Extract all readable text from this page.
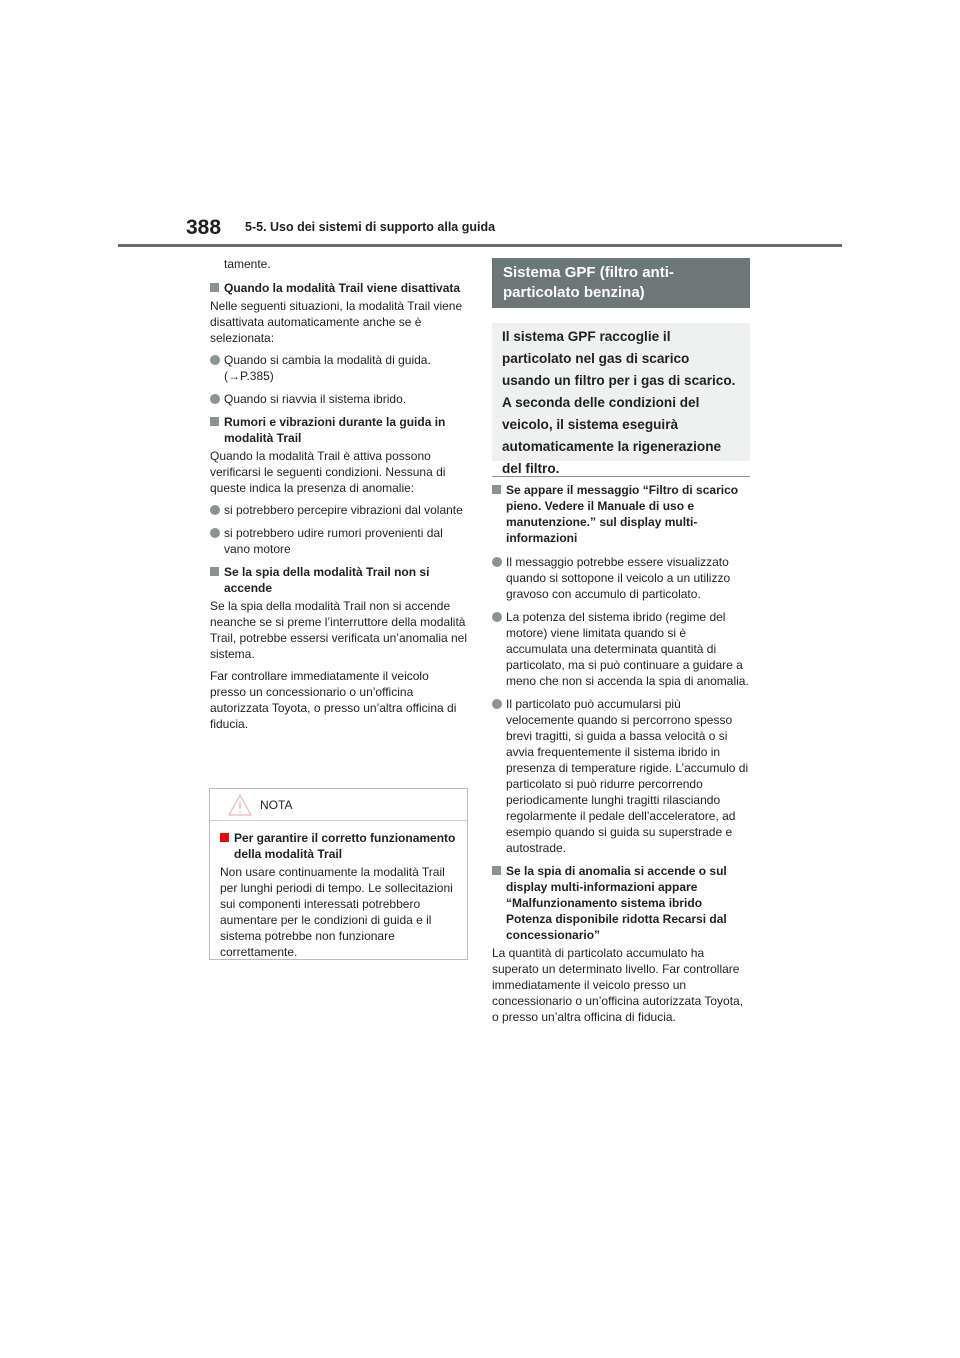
388 5-5. Uso dei sistemi di supporto alla guida

tamente.

Quando la modalità Trail viene disattivata

Nelle seguenti situazioni, la modalità Trail viene disattivata automaticamente anche se è selezionata:

Quando si cambia la modalità di guida. (→P.385)
Quando si riavvia il sistema ibrido.
Rumori e vibrazioni durante la guida in modalità Trail

Quando la modalità Trail è attiva possono verificarsi le seguenti condizioni. Nessuna di queste indica la presenza di anomalie:

si potrebbero percepire vibrazioni dal volante
si potrebbero udire rumori provenienti dal vano motore
Se la spia della modalità Trail non si accende

Se la spia della modalità Trail non si accende neanche se si preme l’interruttore della modalità Trail, potrebbe essersi verificata un’anomalia nel sistema.

Far controllare immediatamente il veicolo presso un concessionario o un’officina autorizzata Toyota, o presso un’altra officina di fiducia.

NOTA
Per garantire il corretto funzionamento della modalità Trail

Non usare continuamente la modalità Trail per lunghi periodi di tempo. Le sollecitazioni sui componenti interessati potrebbero aumentare per le condizioni di guida e il sistema potrebbe non funzionare correttamente.

Sistema GPF (filtro anti-particolato benzina)
Il sistema GPF raccoglie il particolato nel gas di scarico usando un filtro per i gas di scarico. A seconda delle condizioni del veicolo, il sistema eseguirà automaticamente la rigenerazione del filtro.
Se appare il messaggio “Filtro di scarico pieno. Vedere il Manuale di uso e manutenzione.” sul display multi-informazioni
Il messaggio potrebbe essere visualizzato quando si sottopone il veicolo a un utilizzo gravoso con accumulo di particolato.
La potenza del sistema ibrido (regime del motore) viene limitata quando si è accumulata una determinata quantità di particolato, ma si può continuare a guidare a meno che non si accenda la spia di anomalia.
Il particolato può accumularsi più velocemente quando si percorrono spesso brevi tragitti, si guida a bassa velocità o si avvia frequentemente il sistema ibrido in presenza di temperature rigide. L’accumulo di particolato si può ridurre percorrendo periodicamente lunghi tragitti rilasciando regolarmente il pedale dell’acceleratore, ad esempio quando si guida su superstrade e autostrade.
Se la spia di anomalia si accende o sul display multi-informazioni appare “Malfunzionamento sistema ibrido Potenza disponibile ridotta Recarsi dal concessionario”

La quantità di particolato accumulato ha superato un determinato livello. Far controllare immediatamente il veicolo presso un concessionario o un’officina autorizzata Toyota, o presso un’altra officina di fiducia.
